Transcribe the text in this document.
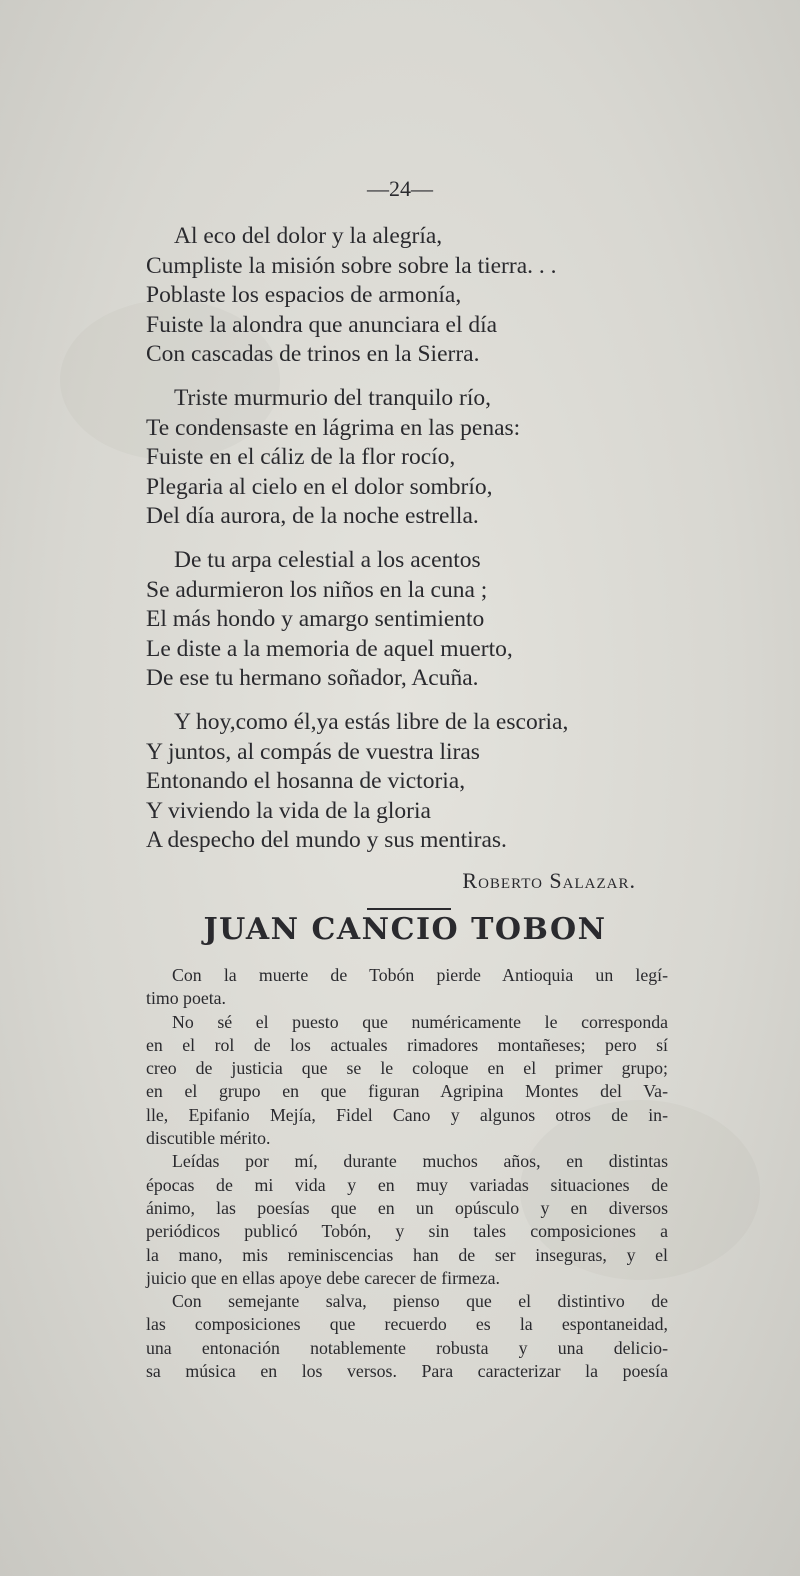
—24—
Al eco del dolor y la alegría,
Cumpliste la misión sobre sobre la tierra. . .
Poblaste los espacios de armonía,
Fuiste la alondra que anunciara el día
Con cascadas de trinos en la Sierra.
Triste murmurio del tranquilo río,
Te condensaste en lágrima en las penas:
Fuiste en el cáliz de la flor rocío,
Plegaria al cielo en el dolor sombrío,
Del día aurora, de la noche estrella.
De tu arpa celestial a los acentos
Se adurmieron los niños en la cuna ;
El más hondo y amargo sentimiento
Le diste a la memoria de aquel muerto,
De ese tu hermano soñador, Acuña.
Y hoy,como él,ya estás libre de la escoria,
Y juntos, al compás de vuestra liras
Entonando el hosanna de victoria,
Y viviendo la vida de la gloria
A despecho del mundo y sus mentiras.
Roberto Salazar.
JUAN CANCIO TOBON
Con la muerte de Tobón pierde Antioquia un legí-
timo poeta.
No sé el puesto que numéricamente le corresponda
en el rol de los actuales rimadores montañeses; pero sí
creo de justicia que se le coloque en el primer grupo;
en el grupo en que figuran Agripina Montes del Va-
lle, Epifanio Mejía, Fidel Cano y algunos otros de in-
discutible mérito.
Leídas por mí, durante muchos años, en distintas
épocas de mi vida y en muy variadas situaciones de
ánimo, las poesías que en un opúsculo y en diversos
periódicos publicó Tobón, y sin tales composiciones a
la mano, mis reminiscencias han de ser inseguras, y el
juicio que en ellas apoye debe carecer de firmeza.
Con semejante salva, pienso que el distintivo de
las composiciones que recuerdo es la espontaneidad,
una entonación notablemente robusta y una delicio-
sa música en los versos. Para caracterizar la poesía
